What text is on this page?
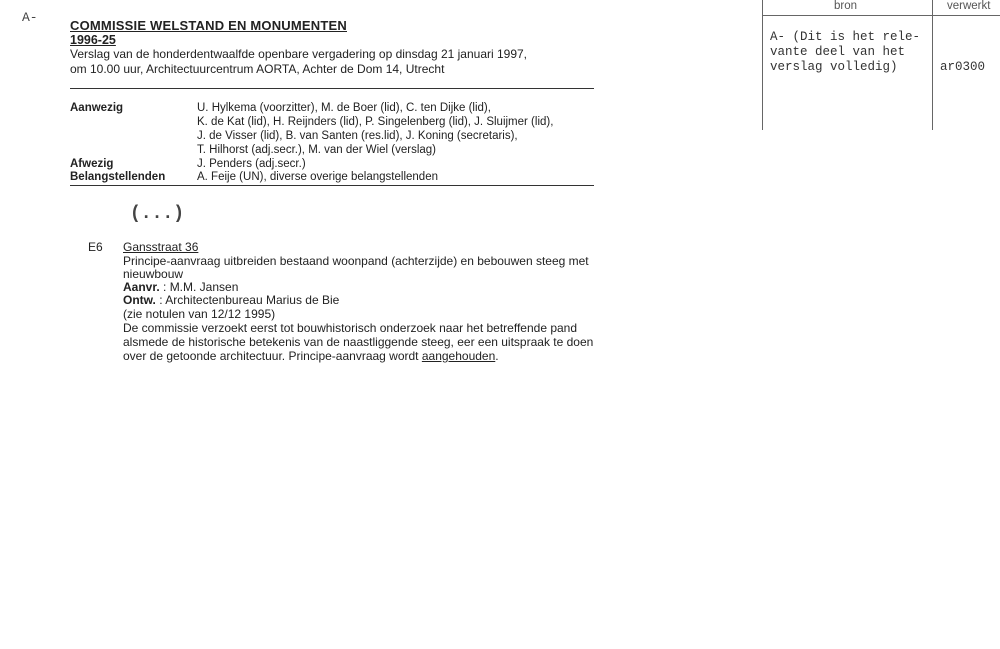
A-
COMMISSIE WELSTAND EN MONUMENTEN
1996-25
Verslag van de honderdentwaalfde openbare vergadering op dinsdag 21 januari 1997,
om 10.00 uur, Architectuurcentrum AORTA, Achter de Dom 14, Utrecht
Aanwezig	U. Hylkema (voorzitter), M. de Boer (lid), C. ten Dijke (lid),
K. de Kat (lid), H. Reijnders (lid), P. Singelenberg (lid), J. Sluijmer (lid),
J. de Visser (lid), B. van Santen (res.lid), J. Koning (secretaris),
T. Hilhorst (adj.secr.), M. van der Wiel (verslag)
Afwezig	J. Penders (adj.secr.)
Belangstellenden	A. Feije (UN), diverse overige belangstellenden
(...)
E6 Gansstraat 36
Principe-aanvraag uitbreiden bestaand woonpand (achterzijde) en bebouwen steeg met
nieuwbouw
Aanvr. : M.M. Jansen
Ontw. : Architectenbureau Marius de Bie
(zie notulen van 12/12 1995)
De commissie verzoekt eerst tot bouwhistorisch onderzoek naar het betreffende pand
alsmede de historische betekenis van de naastliggende steeg, eer een uitspraak te doen
over de getoonde architectuur. Principe-aanvraag wordt aangehouden.
bron	verwerkt
A- (Dit is het rele-
vante deel van het
verslag volledig)	ar0300
